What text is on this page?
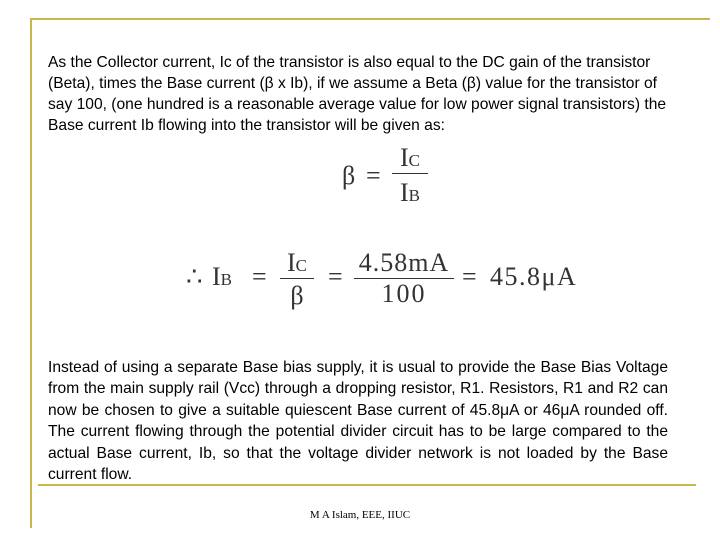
As the Collector current, Ic of the transistor is also equal to the DC gain of the transistor (Beta), times the Base current (β x Ib), if we assume a Beta (β) value for the transistor of say 100, (one hundred is a reasonable average value for low power signal transistors) the Base current Ib flowing into the transistor will be given as:

β =
IC
IB
∴ IB = IC
β
= 4.58mA
100
= 45.8μA

Instead of using a separate Base bias supply, it is usual to provide the Base Bias Voltage from the main supply rail (Vcc) through a dropping resistor, R1. Resistors, R1 and R2 can now be chosen to give a suitable quiescent Base current of 45.8μA or 46μA rounded off. The current flowing through the potential divider circuit has to be large compared to the actual Base current, Ib, so that the voltage divider network is not loaded by the Base current flow.

M A Islam, EEE, IIUC
